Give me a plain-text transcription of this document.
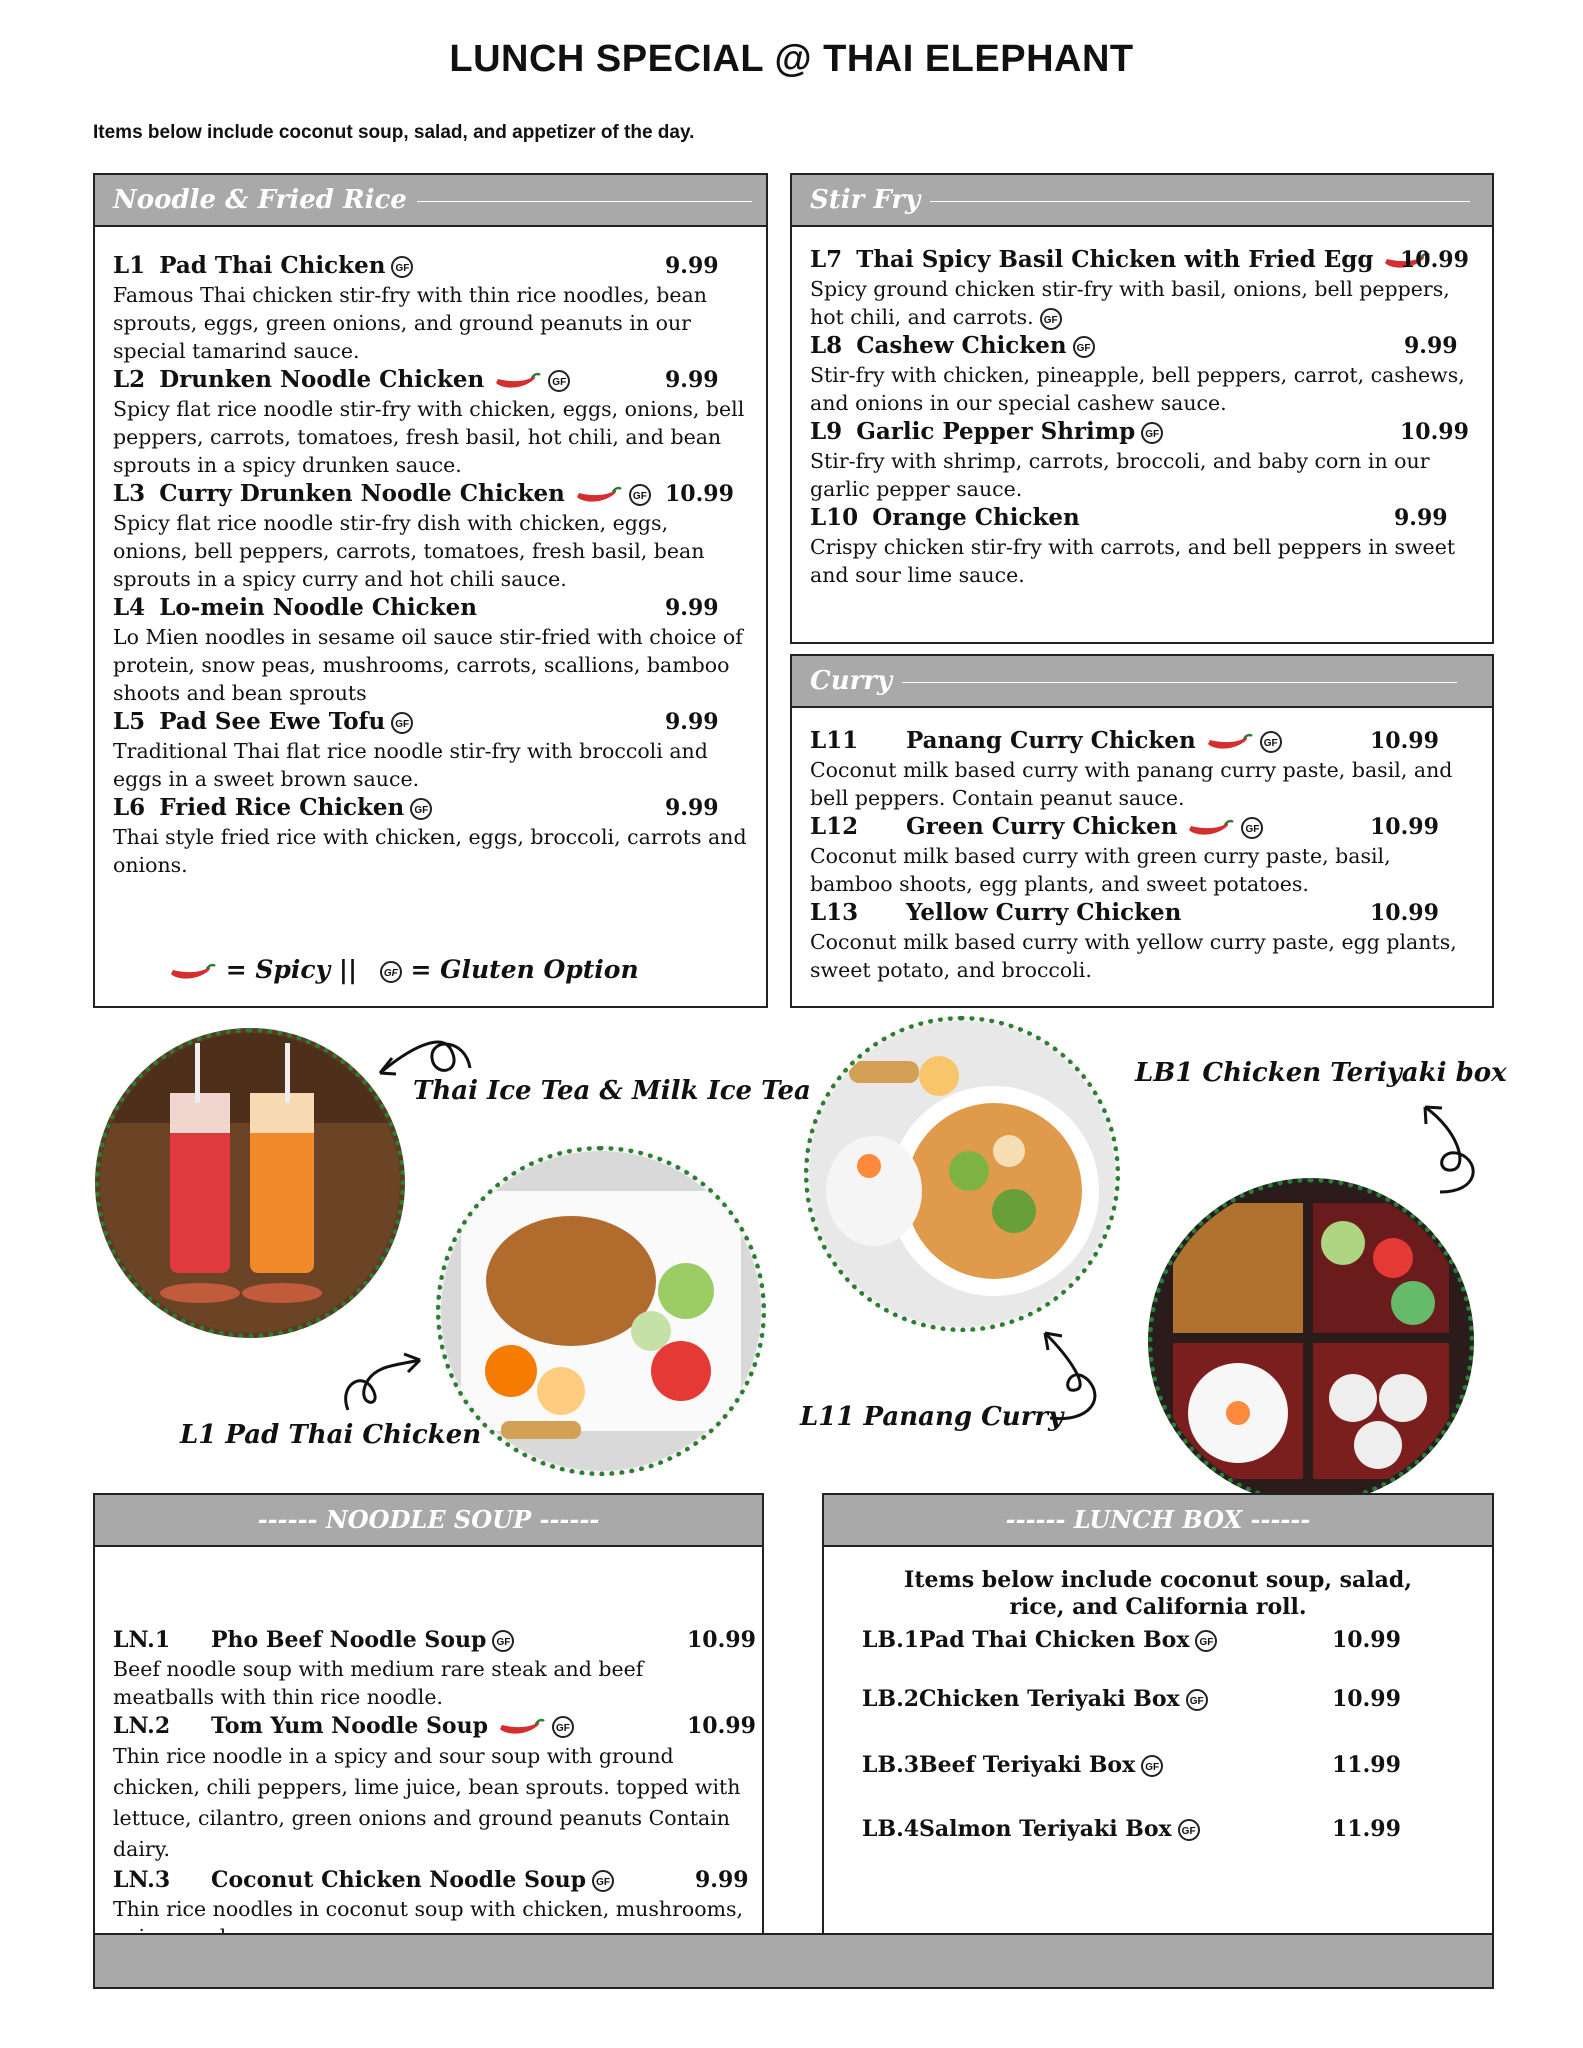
LUNCH SPECIAL @ THAI ELEPHANT
Items below include coconut soup, salad, and appetizer of the day.
Noodle & Fried Rice
L1 Pad Thai Chicken GF	9.99
Famous Thai chicken stir-fry with thin rice noodles, bean sprouts, eggs, green onions, and ground peanuts in our special tamarind sauce.
L2 Drunken Noodle Chicken	GF	9.99
Spicy flat rice noodle stir-fry with chicken, eggs, onions, bell peppers, carrots, tomatoes, fresh basil, hot chili, and bean sprouts in a spicy drunken sauce.
L3 Curry Drunken Noodle Chicken	GF 10.99
Spicy flat rice noodle stir-fry dish with chicken, eggs, onions, bell peppers, carrots, tomatoes, fresh basil, bean sprouts in a spicy curry and hot chili sauce.
L4 Lo-mein Noodle Chicken	9.99
Lo Mien noodles in sesame oil sauce stir-fried with choice of protein, snow peas, mushrooms, carrots, scallions, bamboo shoots and bean sprouts
L5 Pad See Ewe Tofu GF	9.99
Traditional Thai flat rice noodle stir-fry with broccoli and eggs in a sweet brown sauce.
L6 Fried Rice Chicken GF	9.99
Thai style fried rice with chicken, eggs, broccoli, carrots and onions.
= Spicy ||	GF = Gluten Option
Stir Fry
L7 Thai Spicy Basil Chicken with Fried Egg 10.99
Spicy ground chicken stir-fry with basil, onions, bell peppers, hot chili, and carrots. GF
L8 Cashew Chicken GF	9.99
Stir-fry with chicken, pineapple, bell peppers, carrot, cashews, and onions in our special cashew sauce.
L9 Garlic Pepper Shrimp GF	10.99
Stir-fry with shrimp, carrots, broccoli, and baby corn in our garlic pepper sauce.
L10 Orange Chicken	9.99
Crispy chicken stir-fry with carrots, and bell peppers in sweet and sour lime sauce.
Curry
L11 Panang Curry Chicken	GF	10.99
Coconut milk based curry with panang curry paste, basil, and bell peppers. Contain peanut sauce.
L12 Green Curry Chicken	GF	10.99
Coconut milk based curry with green curry paste, basil, bamboo shoots, egg plants, and sweet potatoes.
L13 Yellow Curry Chicken	10.99
Coconut milk based curry with yellow curry paste, egg plants, sweet potato, and broccoli.
Thai Ice Tea & Milk Ice Tea
L1 Pad Thai Chicken
L11 Panang Curry
LB1 Chicken Teriyaki box
------ NOODLE SOUP ------
LN.1 Pho Beef Noodle Soup GF	10.99
Beef noodle soup with medium rare steak and beef meatballs with thin rice noodle.
LN.2 Tom Yum Noodle Soup	GF	10.99
Thin rice noodle in a spicy and sour soup with ground chicken, chili peppers, lime juice, bean sprouts. topped with lettuce, cilantro, green onions and ground peanuts Contain dairy.
LN.3 Coconut Chicken Noodle Soup GF	9.99
Thin rice noodles in coconut soup with chicken, mushrooms,
------ LUNCH BOX ------
Items below include coconut soup, salad, rice, and California roll.
LB.1Pad Thai Chicken Box GF	10.99
LB.2Chicken Teriyaki Box GF	10.99
LB.3Beef Teriyaki Box GF	11.99
LB.4Salmon Teriyaki Box GF	11.99
